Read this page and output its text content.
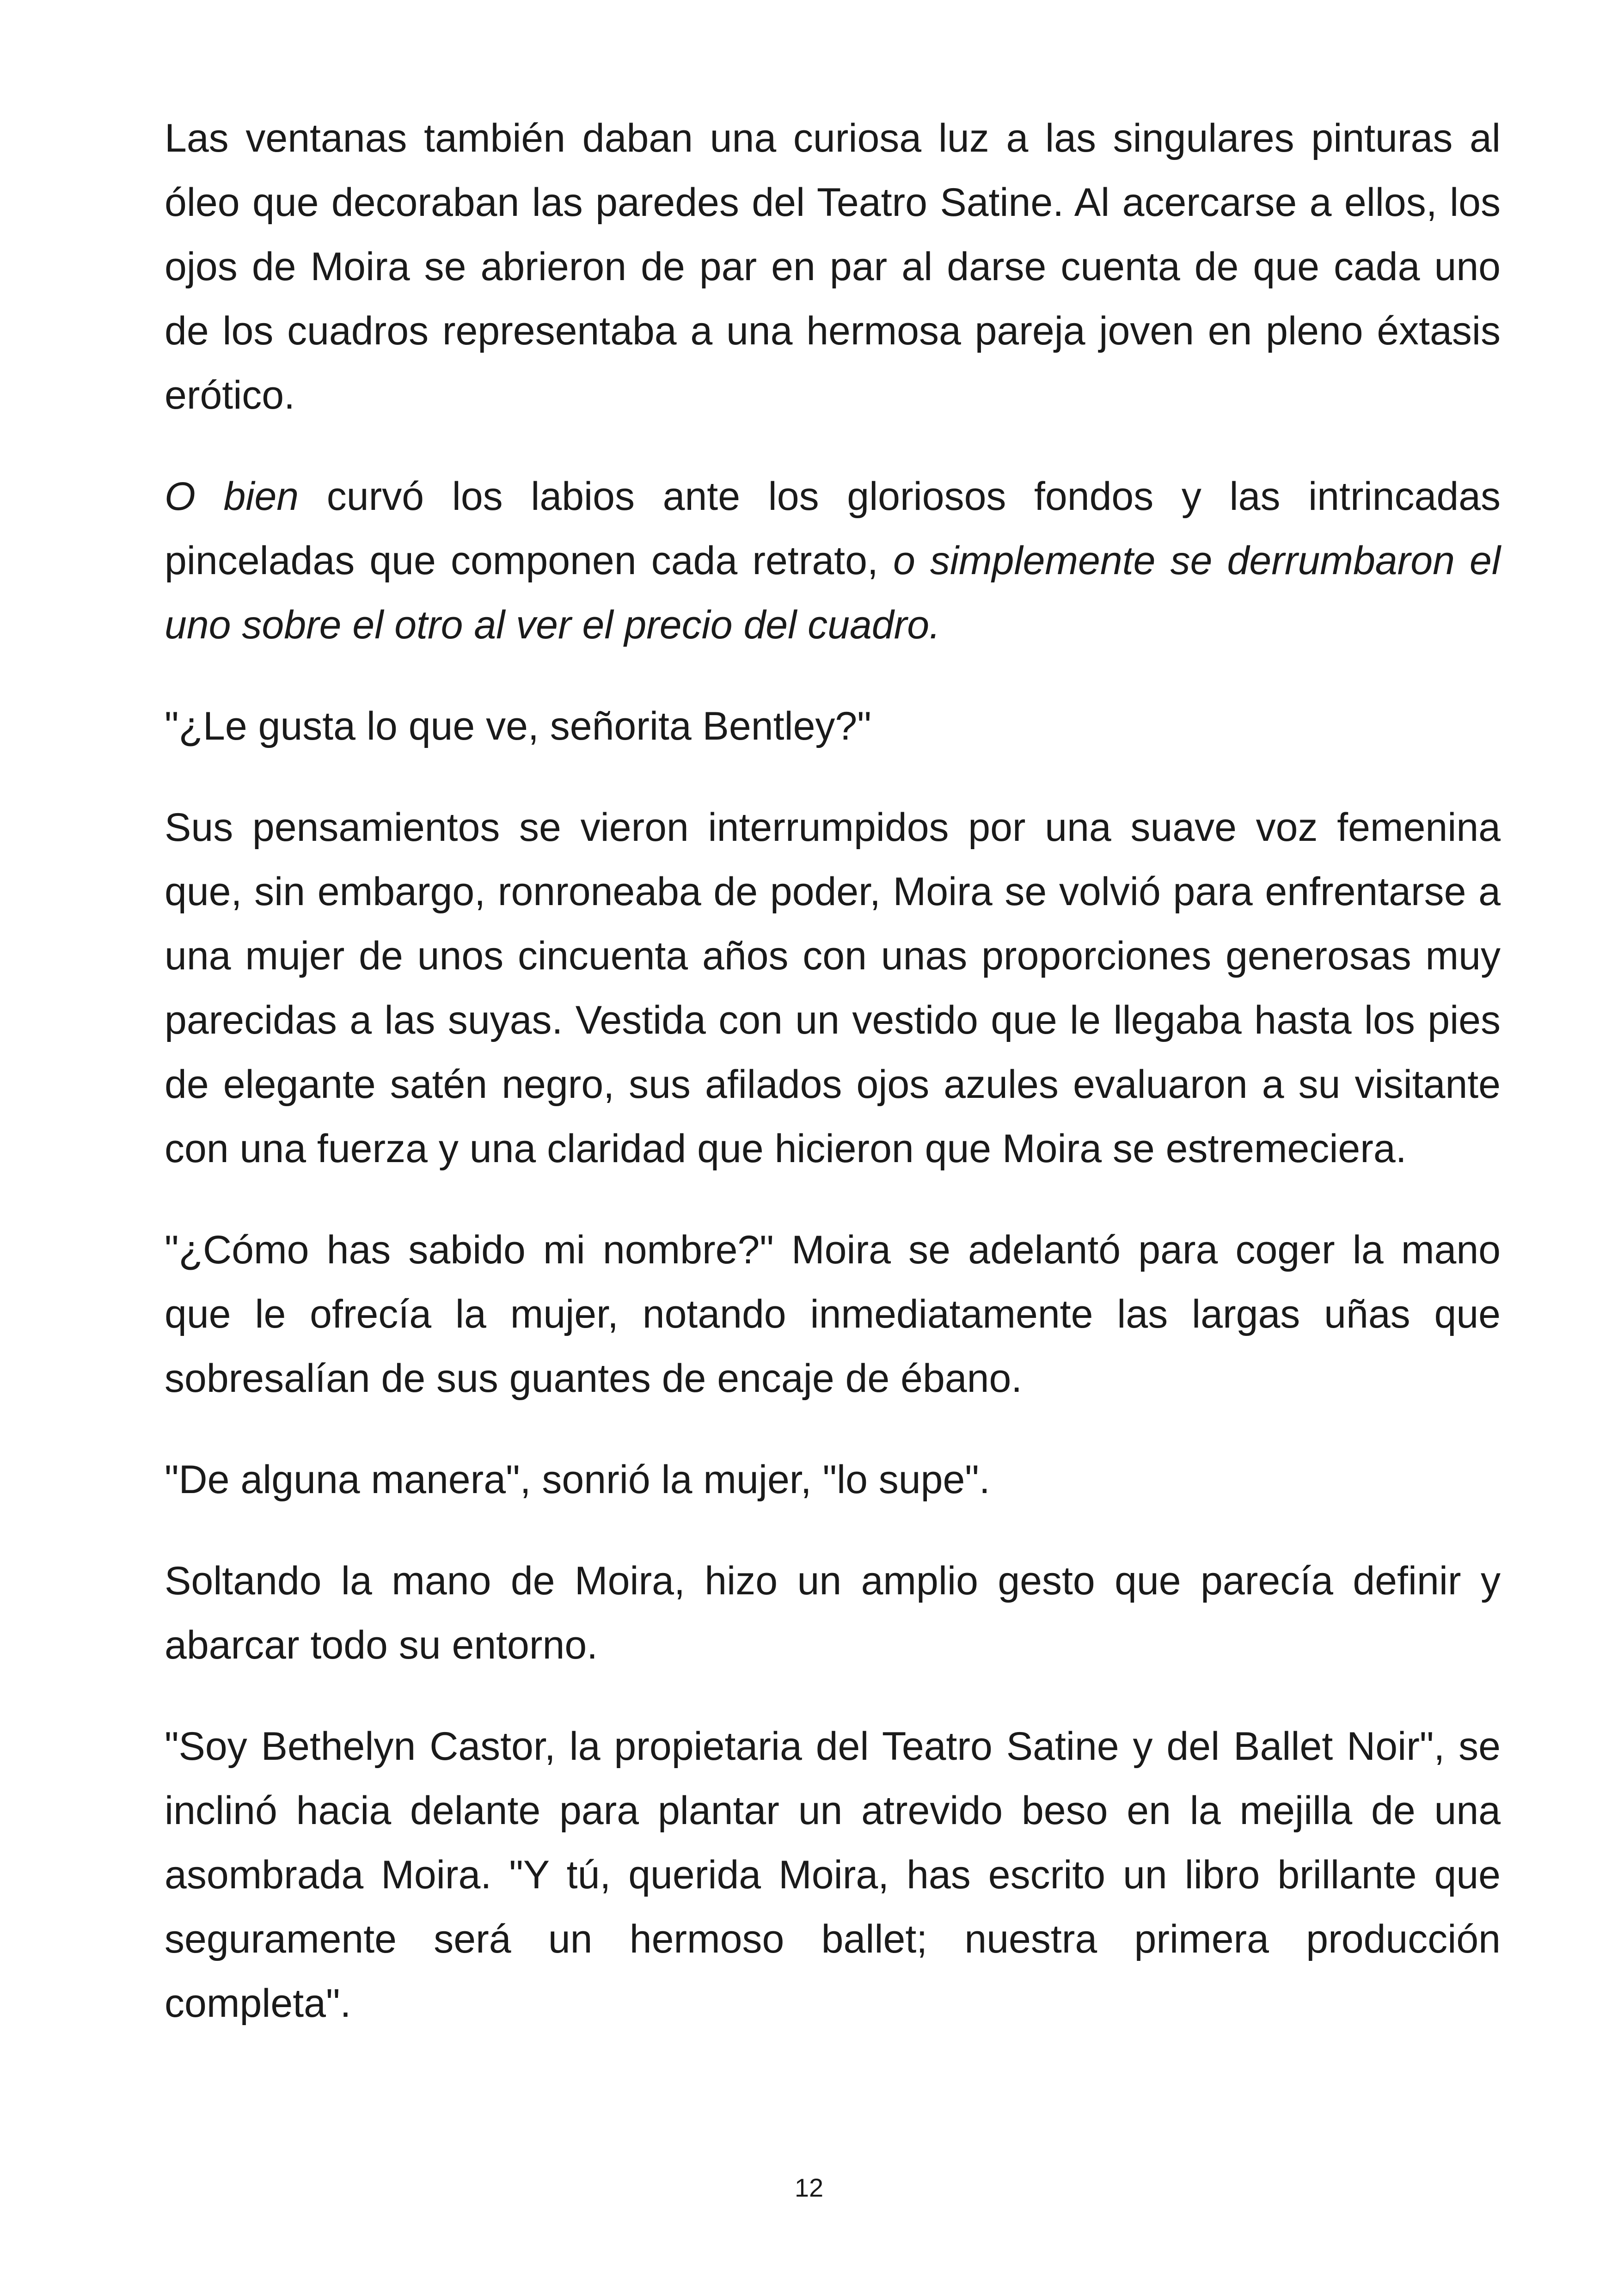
Las ventanas también daban una curiosa luz a las singulares pinturas al óleo que decoraban las paredes del Teatro Satine. Al acercarse a ellos, los ojos de Moira se abrieron de par en par al darse cuenta de que cada uno de los cuadros representaba a una hermosa pareja joven en pleno éxtasis erótico.

O bien curvó los labios ante los gloriosos fondos y las intrincadas pinceladas que componen cada retrato, o simplemente se derrumbaron el uno sobre el otro al ver el precio del cuadro.

"¿Le gusta lo que ve, señorita Bentley?"

Sus pensamientos se vieron interrumpidos por una suave voz femenina que, sin embargo, ronroneaba de poder, Moira se volvió para enfrentarse a una mujer de unos cincuenta años con unas proporciones generosas muy parecidas a las suyas. Vestida con un vestido que le llegaba hasta los pies de elegante satén negro, sus afilados ojos azules evaluaron a su visitante con una fuerza y una claridad que hicieron que Moira se estremeciera.

"¿Cómo has sabido mi nombre?" Moira se adelantó para coger la mano que le ofrecía la mujer, notando inmediatamente las largas uñas que sobresalían de sus guantes de encaje de ébano.

"De alguna manera", sonrió la mujer, "lo supe".

Soltando la mano de Moira, hizo un amplio gesto que parecía definir y abarcar todo su entorno.

"Soy Bethelyn Castor, la propietaria del Teatro Satine y del Ballet Noir", se inclinó hacia delante para plantar un atrevido beso en la mejilla de una asombrada Moira. "Y tú, querida Moira, has escrito un libro brillante que seguramente será un hermoso ballet; nuestra primera producción completa".

12
